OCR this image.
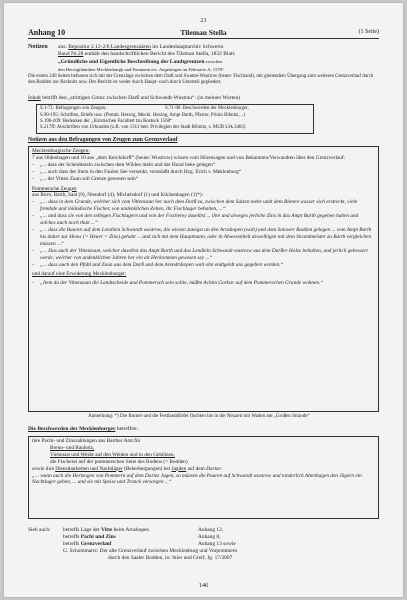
21
Anhang 10	Tileman Stella	(1 Seite)
Notizen aus: Repositur 2.12-2/6 Landesgrenzakten im Landeshauptarchiv Schwerin
Band Nr.28 enthält den handschriftlichen Bericht des Tileman Stella, 1832 Blatt:
„Gründliche und Eigentliche Beschreibung der Landtgrentzen zwischen
den Herzogthümben Mecklenburgk und Pommern etc. Angefangen im Februario A. 1578“
Die ersten 240 Seiten befassen sich mit der Grenzlage zwischen dem Darß und Swante-Wustrow (heute: Fischland), mit gleitendem Übergang zum weiteren Grenzverlauf durch den Bodden zur Recknitz usw. Der Bericht ist weder durch Haupt- noch durch Unterteil gegliedert.
Inhalt betrifft den „strittigen Grenz zwischen Darß und Schwandt-Wustrau“: (in meinen Worten)
S.1-71: Befragungen von Zeugen,	S.71-90: Beschwerden der Mecklenburger,
S.90-195: Schriften, Briefe usw. (Pomm. Herzog, Meckl. Herzog, Ampt Barth, Pfarrer, Prioin Ribnitz, ..)
S.196-209: Bedenken der „Jüristischen Facultett tzu Rostock 1568“
S.217ff: Abschriften von Urkunden (z.B. von 1311 betr. Privilegien der Stadt Ribnitz, s. MUB Urk.3483)
Notizen aus den Befragungen von Zeugen zum Grenzverlauf
Mecklenburgische Zeugen:
7 aus Oldenhagen und 10 aus „dem Kerckdorff“ (heute: Wustrow) wissen vom Hörensagen und von Bekannten/Verwandten über den Grenzverlauf:
-	„... dass der Scheidestein zwischen dem Wilden mehr und der Hund beke gelegen“
-	„... auch dass der Stein in den Faulen See versenkt, veranlaßt durch Hzg. Erich v. Meklenburg“
-	„... der Vitten Zaun soll Grenze gewesen sein“
Pommersche Zeugen
aus Born, Barth, Saal (9), Niendorf (4), Michelsdorf (1) und Kückenhagen (1)*):
-	„... dass in dem Grunde, welcher sich vom Vittenzaun her nach dem Darß zu, zwischen dem Salzen mehr undt dem Binnen wasser sich erstreckt, viele frembde und inländische Fischer, von undenklichen Zeiten, ihr Fischlager behalten, ...“
-	„... und dass sie von den selbigen Fischlagern und von der Fischerey daselbst ... ihre und alweges jerliche Zins in das Ampt Barth gegeben haben und solches auch noch thun ...“
-	„... dass die Bauren auf dem Lendlein Schwandt wustrow, die wiesen zunegst an den Arnshopen (walt) und dem Salower Bodden gelegen ... vom Ampt Barth his daher zur Heuw (= Heuer = Zins) gehabt ... und sich mit dem Hauptmann, oder in Abwesenheit desselbigen mit dem Strandmeister zu Barth vergleichen müssen ...“
-	„... Das auch der Vittenzaun, welcher daselbst das Ampt Barth und das Lendlein Schwandt wustrow aus dem Darßer Holze behalten, und jerlich gebessert werde, welcher von undenklichen Jahren her ein alt Herkommen gewesen sey ...“
-	„... dass auch den Pfahl und Zaun aus dem Darß und dem Arendtshopen walt ohn endtgeldt uns gegeben worden.“
und darauf eine Erwiderung Mecklenburger:
-	„Item da der Vittenzaun die Landtscheide und Pommersch sein sollte, müßte Achim Gorbar auf dem Pommerschen Grunde wohnen.“
Anmerkung: *) Die Borner und die Festlanddörfer fischten bis in die Neuzeit mit Waden am „Großen Strande“
Die Beschwerden der Mecklenburger betreffen:
ihre Pacht- und Zinszahlungen ans Barther Amt für
Brenn- und Bauholz,
Viehmast und Weide auf den Weiden und in den Gehölzen,
die Fischerei auf der pommerschen Seite des Bodens (= Bodden)
sowie ihre Dienstbarkeiten und Nachtläger (Beherbergungen) bei Jagden auf dem Dartze:
„... wann auch die Hertzogen von Pommern auf dem Dartze Jagen, so müssen die Pauren auf Schwandt wustrow und tonderlich Altenhagen den Jägern ein Nachtlager geben, ... und sie mit Speise und Tranck versorgen ...“
Sieh auch:	betreffs Lage der Vitte beim Arnshopen	Anhang 12,
betreffs Pacht und Zins	Anhang 8,
betreffs Grenzverlauf	Anhang 13 sowie
G. Schommartz: Der alte Grenzverlauf zwischen Mecklenburg und Vorpommern
durch den Saaler Bodden, in: Stier und Greif, Jg. 17/2007
146
